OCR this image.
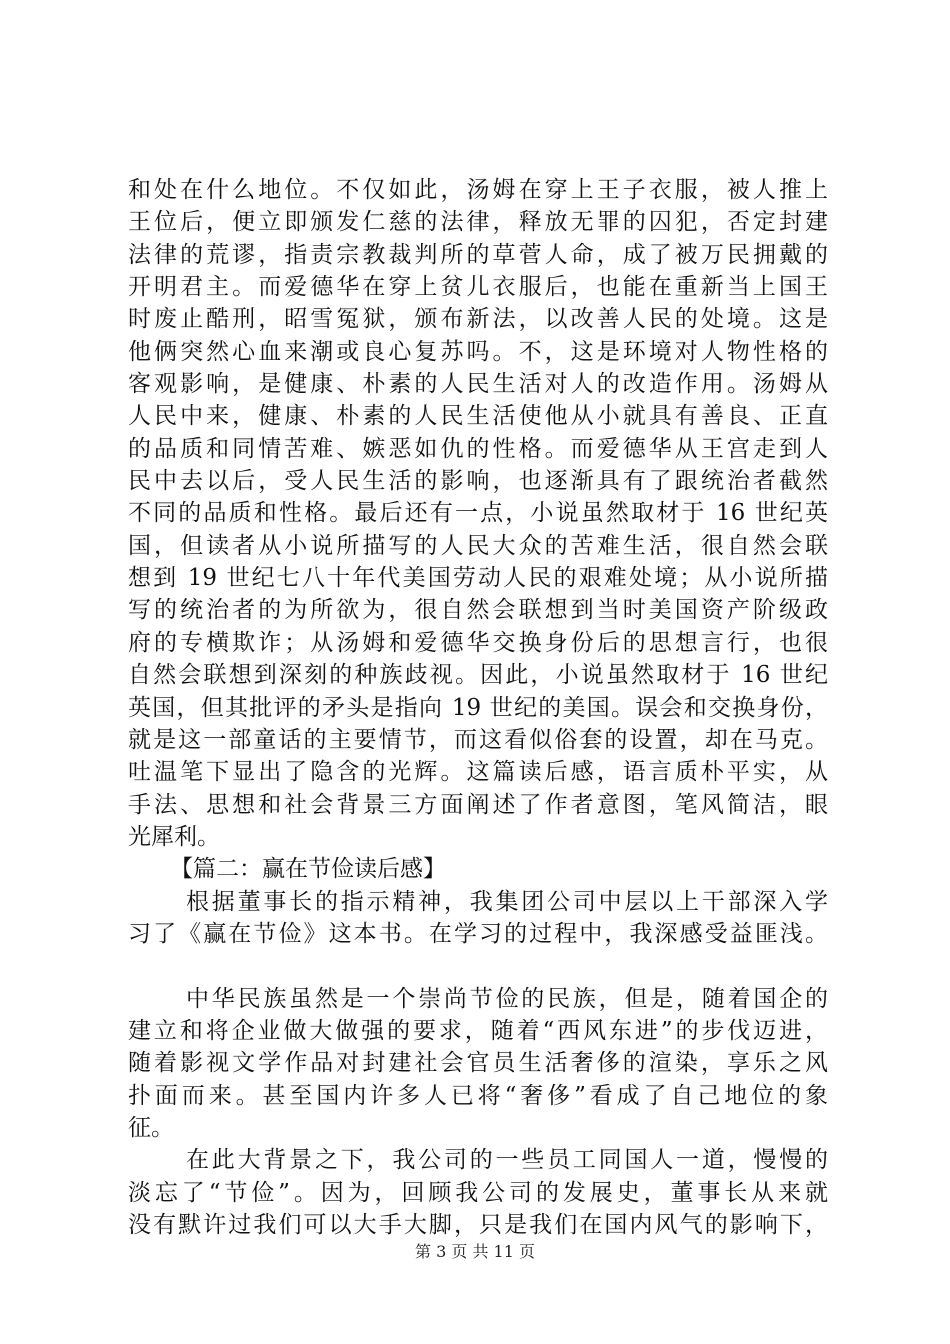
和处在什么地位。不仅如此，汤姆在穿上王子衣服，被人推上
王位后，便立即颁发仁慈的法律，释放无罪的囚犯，否定封建
法律的荒谬，指责宗教裁判所的草菅人命，成了被万民拥戴的
开明君主。而爱德华在穿上贫儿衣服后，也能在重新当上国王
时废止酷刑，昭雪冤狱，颁布新法，以改善人民的处境。这是
他俩突然心血来潮或良心复苏吗。不，这是环境对人物性格的
客观影响，是健康、朴素的人民生活对人的改造作用。汤姆从
人民中来，健康、朴素的人民生活使他从小就具有善良、正直
的品质和同情苦难、嫉恶如仇的性格。而爱德华从王宫走到人
民中去以后，受人民生活的影响，也逐渐具有了跟统治者截然
不同的品质和性格。最后还有一点，小说虽然取材于 16 世纪英
国，但读者从小说所描写的人民大众的苦难生活，很自然会联
想到 19 世纪七八十年代美国劳动人民的艰难处境；从小说所描
写的统治者的为所欲为，很自然会联想到当时美国资产阶级政
府的专横欺诈；从汤姆和爱德华交换身份后的思想言行，也很
自然会联想到深刻的种族歧视。因此，小说虽然取材于 16 世纪
英国，但其批评的矛头是指向 19 世纪的美国。误会和交换身份，
就是这一部童话的主要情节，而这看似俗套的设置，却在马克。
吐温笔下显出了隐含的光辉。这篇读后感，语言质朴平实，从
手法、思想和社会背景三方面阐述了作者意图，笔风简洁，眼
光犀利。
【篇二：赢在节俭读后感】
根据董事长的指示精神，我集团公司中层以上干部深入学
习了《赢在节俭》这本书。在学习的过程中，我深感受益匪浅。
中华民族虽然是一个崇尚节俭的民族，但是，随着国企的
建立和将企业做大做强的要求，随着“西风东进”的步伐迈进，
随着影视文学作品对封建社会官员生活奢侈的渲染，享乐之风
扑面而来。甚至国内许多人已将“奢侈”看成了自己地位的象
征。
在此大背景之下，我公司的一些员工同国人一道，慢慢的
淡忘了“节俭”。因为，回顾我公司的发展史，董事长从来就
没有默许过我们可以大手大脚，只是我们在国内风气的影响下，
第 3 页 共 11 页
